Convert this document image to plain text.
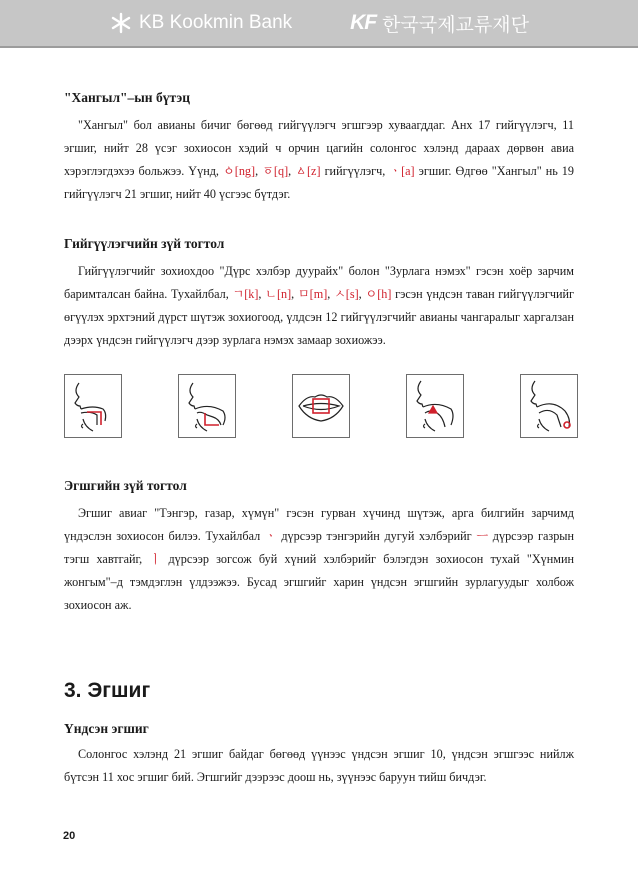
KB Kookmin Bank	KF 한국국제교류재단
"Хангыл"–ын бүтэц

"Хангыл" бол авианы бичиг бөгөөд гийгүүлэгч эгшгээр хуваагддаг. Анх 17 гийгүүлэгч, 11 эгшиг, нийт 28 үсэг зохиосон хэдий ч орчин цагийн солонгос хэлэнд дараах дөрвөн авиа хэрэглэгдэхээ больжээ. Үүнд, ㆁ[ng], ㆆ[q], ㅿ[z] гийгүүлэгч, ㆍ[a] эгшиг. Өдгөө "Хангыл" нь 19 гийгүүлэгч 21 эгшиг, нийт 40 үсгээс бүтдэг.

Гийгүүлэгчийн зүй тогтол

Гийгүүлэгчийг зохиохдоо "Дүрс хэлбэр дуурайх" болон "Зурлага нэмэх" гэсэн хоёр зарчим баримталсан байна. Тухайлбал, ㄱ[k], ㄴ[n], ㅁ[m], ㅅ[s], ㅇ[h] гэсэн үндсэн таван гийгүүлэгчийг өгүүлэх эрхтэний дүрст шүтэж зохиогоод, үлдсэн 12 гийгүүлэгчийг авианы чангаралыг харгалзан дээрх үндсэн гийгүүлэгч дээр зурлага нэмэх замаар зохиожээ.

Эгшгийн зүй тогтол

Эгшиг авиаг "Тэнгэр, газар, хүмүн" гэсэн гурван хүчинд шүтэж, арга билгийн зарчимд үндэслэн зохиосон билээ. Тухайлбал ㆍ дүрсээр тэнгэрийн дугуй хэлбэрийг ㅡ дүрсээр газрын тэгш хавтгайг, ㅣ дүрсээр зогсож буй хүний хэлбэрийг бэлэгдэн зохиосон тухай "Хүнмин жонгым"–д тэмдэглэн үлдээжээ. Бусад эгшгийг харин үндсэн эгшгийн зурлагуудыг холбож зохиосон аж.

3. Эгшиг
Үндсэн эгшиг

Солонгос хэлэнд 21 эгшиг байдаг бөгөөд үүнээс үндсэн эгшиг 10, үндсэн эгшгээс нийлж бүтсэн 11 хос эгшиг бий. Эгшгийг дээрээс доош нь, зүүнээс баруун тийш бичдэг.

20
